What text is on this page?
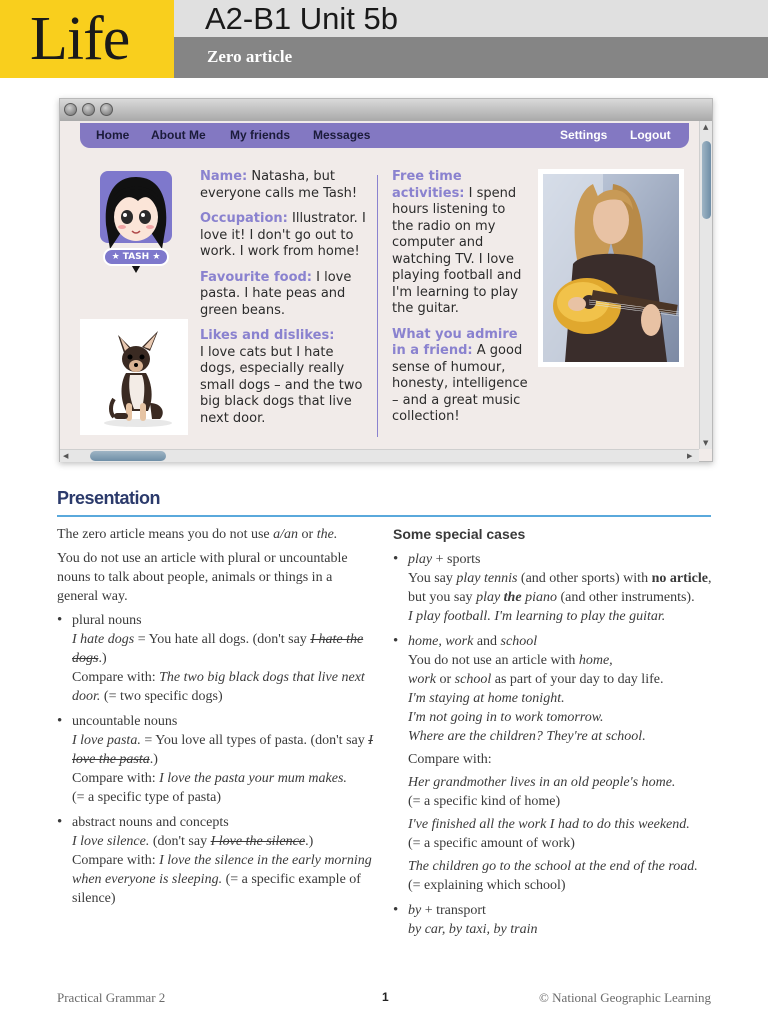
Life A2-B1 Unit 5b
Zero article
Home About Me My friends Messages	Settings Logout
★ TASH ★

Name: Natasha, but everyone calls me Tash!

Occupation: Illustrator. I love it! I don't go out to work. I work from home!

Favourite food: I love pasta. I hate peas and green beans.

Likes and dislikes:
I love cats but I hate dogs, especially really small dogs – and the two big black dogs that live next door.

Free time activities: I spend hours listening to the radio on my computer and watching TV. I love playing football and I'm learning to play the guitar.

What you admire in a friend: A good sense of humour, honesty, intelligence – and a great music collection!

▲
▼
◀	▶
Presentation

The zero article means you do not use a/an or the.

You do not use an article with plural or uncountable nouns to talk about people, animals or things in a general way.

• plural nouns
I hate dogs = You hate all dogs. (don't say I hate the dogs.)
Compare with: The two big black dogs that live next door. (= two specific dogs)
• uncountable nouns
I love pasta. = You love all types of pasta. (don't say I love the pasta.)
Compare with: I love the pasta your mum makes.
(= a specific type of pasta)
• abstract nouns and concepts
I love silence. (don't say I love the silence.)
Compare with: I love the silence in the early morning when everyone is sleeping. (= a specific example of silence)
Some special cases
• play + sports
You say play tennis (and other sports) with no article,
but you say play the piano (and other instruments).
I play football. I'm learning to play the guitar.
• home, work and school
You do not use an article with home,
work or school as part of your day to day life.
I'm staying at home tonight.
I'm not going in to work tomorrow.
Where are the children? They're at school.
Compare with:
Her grandmother lives in an old people's home.
(= a specific kind of home)
I've finished all the work I had to do this weekend.
(= a specific amount of work)
The children go to the school at the end of the road.
(= explaining which school)
• by + transport
by car, by taxi, by train
Practical Grammar 2	1	© National Geographic Learning
